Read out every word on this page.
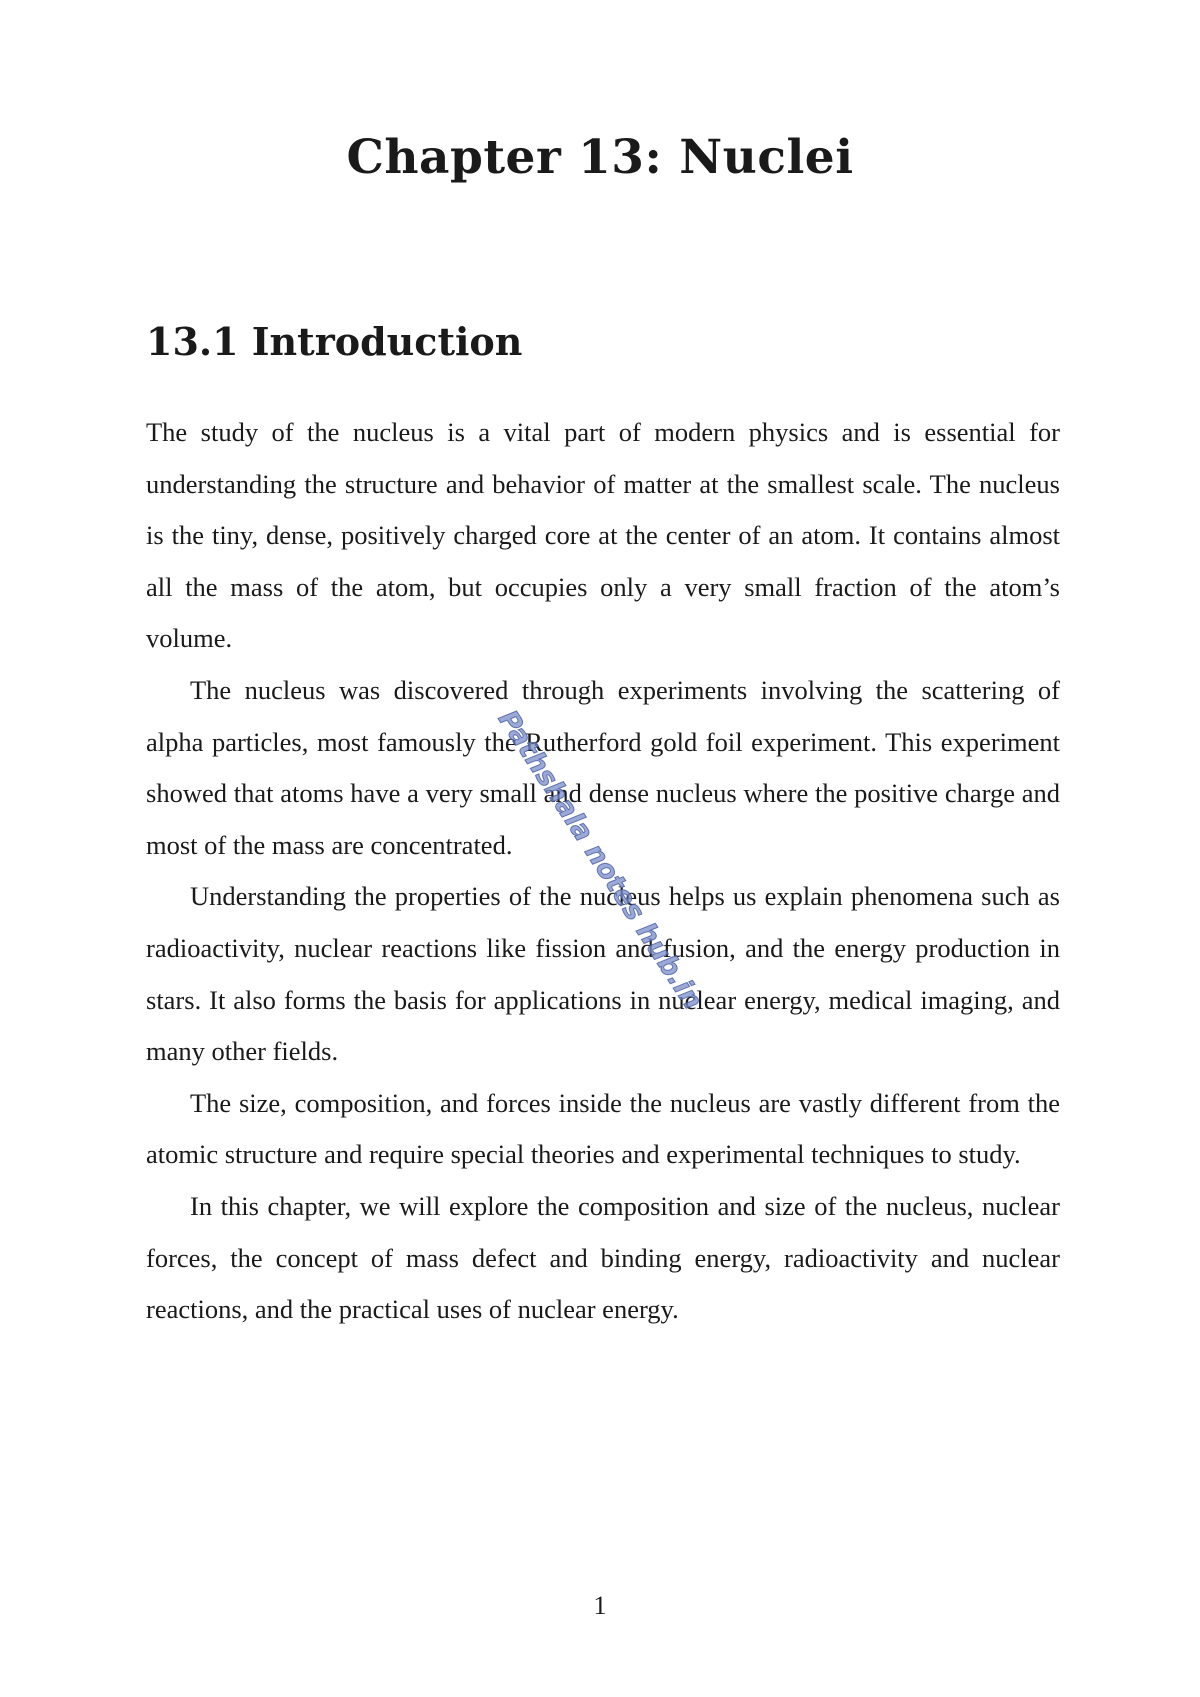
Chapter 13: Nuclei
13.1 Introduction

The study of the nucleus is a vital part of modern physics and is essential for understanding the structure and behavior of matter at the smallest scale. The nucleus is the tiny, dense, positively charged core at the center of an atom. It contains almost all the mass of the atom, but occupies only a very small fraction of the atom’s volume.

The nucleus was discovered through experiments involving the scattering of alpha particles, most famously the Rutherford gold foil experiment. This experiment showed that atoms have a very small and dense nucleus where the positive charge and most of the mass are concentrated.

Understanding the properties of the nucleus helps us explain phenomena such as radioactivity, nuclear reactions like fission and fusion, and the energy production in stars. It also forms the basis for applications in nuclear energy, medical imaging, and many other fields.

The size, composition, and forces inside the nucleus are vastly different from the atomic structure and require special theories and experimental techniques to study.

In this chapter, we will explore the composition and size of the nucleus, nuclear forces, the concept of mass defect and binding energy, radioactivity and nuclear reactions, and the practical uses of nuclear energy.

Pathshala notes hub.in
1
